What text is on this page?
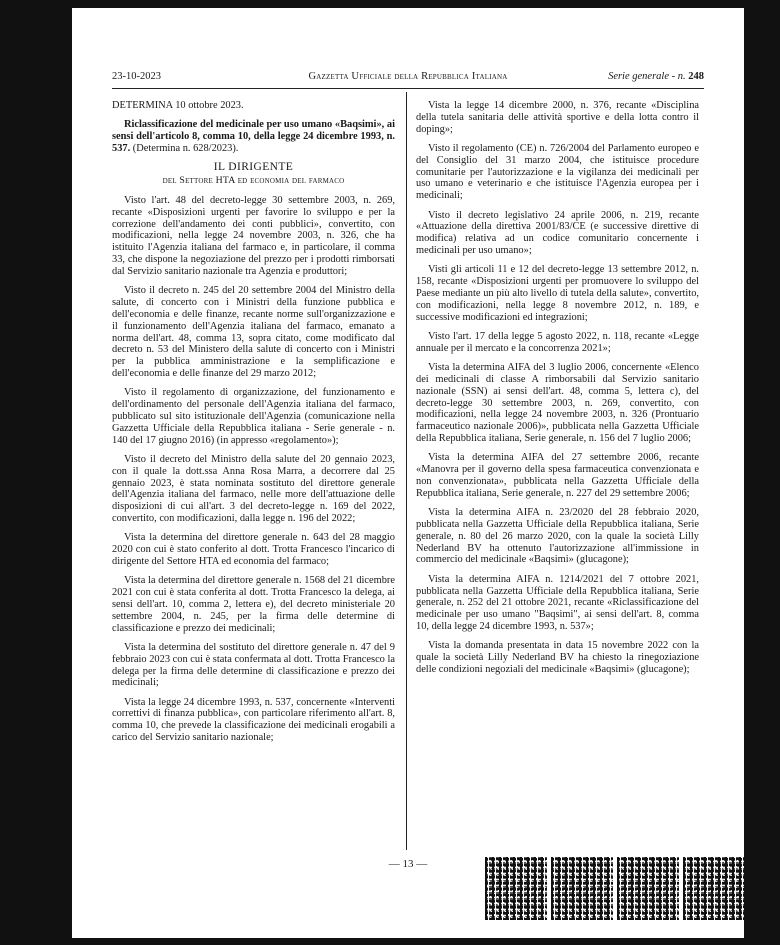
23-10-2023	Gazzetta Ufficiale della Repubblica Italiana	Serie generale - n. 248

DETERMINA 10 ottobre 2023.

Riclassificazione del medicinale per uso umano «Baqsimi», ai sensi dell'articolo 8, comma 10, della legge 24 dicembre 1993, n. 537. (Determina n. 628/2023).

IL DIRIGENTE
del Settore HTA ed economia del farmaco

Visto l'art. 48 del decreto-legge 30 settembre 2003, n. 269, recante «Disposizioni urgenti per favorire lo sviluppo e per la correzione dell'andamento dei conti pubblici», convertito, con modificazioni, nella legge 24 novembre 2003, n. 326, che ha istituito l'Agenzia italiana del farmaco e, in particolare, il comma 33, che dispone la negoziazione del prezzo per i prodotti rimborsati dal Servizio sanitario nazionale tra Agenzia e produttori;

Visto il decreto n. 245 del 20 settembre 2004 del Ministro della salute, di concerto con i Ministri della funzione pubblica e dell'economia e delle finanze, recante norme sull'organizzazione e il funzionamento dell'Agenzia italiana del farmaco, emanato a norma dell'art. 48, comma 13, sopra citato, come modificato dal decreto n. 53 del Ministero della salute di concerto con i Ministri per la pubblica amministrazione e la semplificazione e dell'economia e delle finanze del 29 marzo 2012;

Visto il regolamento di organizzazione, del funzionamento e dell'ordinamento del personale dell'Agenzia italiana del farmaco, pubblicato sul sito istituzionale dell'Agenzia (comunicazione nella Gazzetta Ufficiale della Repubblica italiana - Serie generale - n. 140 del 17 giugno 2016) (in appresso «regolamento»);

Visto il decreto del Ministro della salute del 20 gennaio 2023, con il quale la dott.ssa Anna Rosa Marra, a decorrere dal 25 gennaio 2023, è stata nominata sostituto del direttore generale dell'Agenzia italiana del farmaco, nelle more dell'attuazione delle disposizioni di cui all'art. 3 del decreto-legge n. 169 del 2022, convertito, con modificazioni, dalla legge n. 196 del 2022;

Vista la determina del direttore generale n. 643 del 28 maggio 2020 con cui è stato conferito al dott. Trotta Francesco l'incarico di dirigente del Settore HTA ed economia del farmaco;

Vista la determina del direttore generale n. 1568 del 21 dicembre 2021 con cui è stata conferita al dott. Trotta Francesco la delega, ai sensi dell'art. 10, comma 2, lettera e), del decreto ministeriale 20 settembre 2004, n. 245, per la firma delle determine di classificazione e prezzo dei medicinali;

Vista la determina del sostituto del direttore generale n. 47 del 9 febbraio 2023 con cui è stata confermata al dott. Trotta Francesco la delega per la firma delle determine di classificazione e prezzo dei medicinali;

Vista la legge 24 dicembre 1993, n. 537, concernente «Interventi correttivi di finanza pubblica», con particolare riferimento all'art. 8, comma 10, che prevede la classificazione dei medicinali erogabili a carico del Servizio sanitario nazionale;

Vista la legge 14 dicembre 2000, n. 376, recante «Disciplina della tutela sanitaria delle attività sportive e della lotta contro il doping»;

Visto il regolamento (CE) n. 726/2004 del Parlamento europeo e del Consiglio del 31 marzo 2004, che istituisce procedure comunitarie per l'autorizzazione e la vigilanza dei medicinali per uso umano e veterinario e che istituisce l'Agenzia europea per i medicinali;

Visto il decreto legislativo 24 aprile 2006, n. 219, recante «Attuazione della direttiva 2001/83/CE (e successive direttive di modifica) relativa ad un codice comunitario concernente i medicinali per uso umano»;

Visti gli articoli 11 e 12 del decreto-legge 13 settembre 2012, n. 158, recante «Disposizioni urgenti per promuovere lo sviluppo del Paese mediante un più alto livello di tutela della salute», convertito, con modificazioni, nella legge 8 novembre 2012, n. 189, e successive modificazioni ed integrazioni;

Visto l'art. 17 della legge 5 agosto 2022, n. 118, recante «Legge annuale per il mercato e la concorrenza 2021»;

Vista la determina AIFA del 3 luglio 2006, concernente «Elenco dei medicinali di classe A rimborsabili dal Servizio sanitario nazionale (SSN) ai sensi dell'art. 48, comma 5, lettera c), del decreto-legge 30 settembre 2003, n. 269, convertito, con modificazioni, nella legge 24 novembre 2003, n. 326 (Prontuario farmaceutico nazionale 2006)», pubblicata nella Gazzetta Ufficiale della Repubblica italiana, Serie generale, n. 156 del 7 luglio 2006;

Vista la determina AIFA del 27 settembre 2006, recante «Manovra per il governo della spesa farmaceutica convenzionata e non convenzionata», pubblicata nella Gazzetta Ufficiale della Repubblica italiana, Serie generale, n. 227 del 29 settembre 2006;

Vista la determina AIFA n. 23/2020 del 28 febbraio 2020, pubblicata nella Gazzetta Ufficiale della Repubblica italiana, Serie generale, n. 80 del 26 marzo 2020, con la quale la società Lilly Nederland BV ha ottenuto l'autorizzazione all'immissione in commercio del medicinale «Baqsimi» (glucagone);

Vista la determina AIFA n. 1214/2021 del 7 ottobre 2021, pubblicata nella Gazzetta Ufficiale della Repubblica italiana, Serie generale, n. 252 del 21 ottobre 2021, recante «Riclassificazione del medicinale per uso umano "Baqsimi", ai sensi dell'art. 8, comma 10, della legge 24 dicembre 1993, n. 537»;

Vista la domanda presentata in data 15 novembre 2022 con la quale la società Lilly Nederland BV ha chiesto la rinegoziazione delle condizioni negoziali del medicinale «Baqsimi» (glucagone);

— 13 —
